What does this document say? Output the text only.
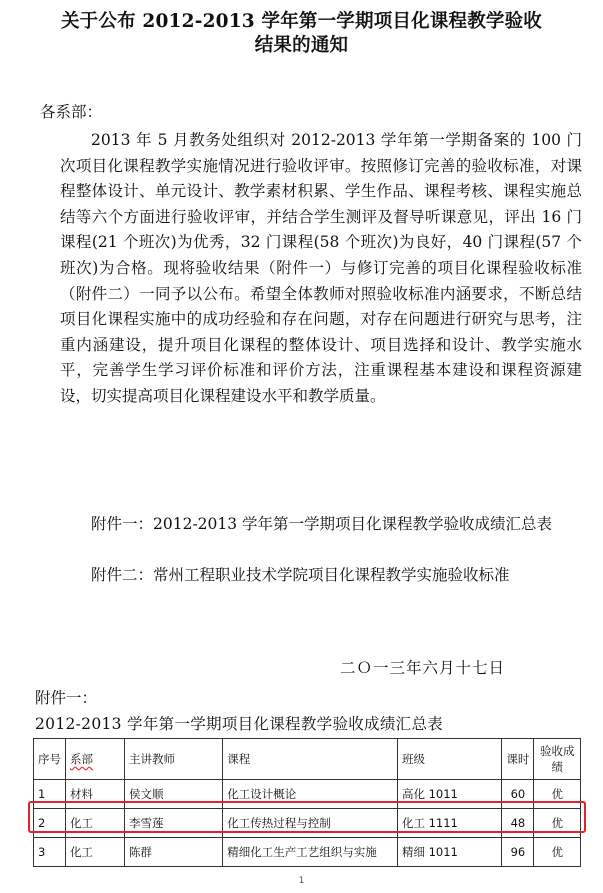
关于公布 2012-2013 学年第一学期项目化课程教学验收
结果的通知
各系部：

2013 年 5 月教务处组织对 2012-2013 学年第一学期备案的 100 门次项目化课程教学实施情况进行验收评审。按照修订完善的验收标准，对课程整体设计、单元设计、教学素材积累、学生作品、课程考核、课程实施总结等六个方面进行验收评审，并结合学生测评及督导听课意见，评出 16 门课程(21 个班次)为优秀，32 门课程(58 个班次)为良好，40 门课程(57 个班次)为合格。现将验收结果（附件一）与修订完善的项目化课程验收标准（附件二）一同予以公布。希望全体教师对照验收标准内涵要求，不断总结项目化课程实施中的成功经验和存在问题，对存在问题进行研究与思考，注重内涵建设，提升项目化课程的整体设计、项目选择和设计、教学实施水平，完善学生学习评价标准和评价方法，注重课程基本建设和课程资源建设，切实提高项目化课程建设水平和教学质量。

附件一：2012-2013 学年第一学期项目化课程教学验收成绩汇总表

附件二：常州工程职业技术学院项目化课程教学实施验收标准

二Ｏ一三年六月十七日
附件一：
2012-2013 学年第一学期项目化课程教学验收成绩汇总表
序号	系部	主讲教师	课程	班级	课时	验收成绩
1	材料	侯文顺	化工设计概论	高化 1011	60	优
2	化工	李雪莲	化工传热过程与控制	化工 1111	48	优
3	化工	陈群	精细化工生产工艺组织与实施	精细 1011	96	优
1
